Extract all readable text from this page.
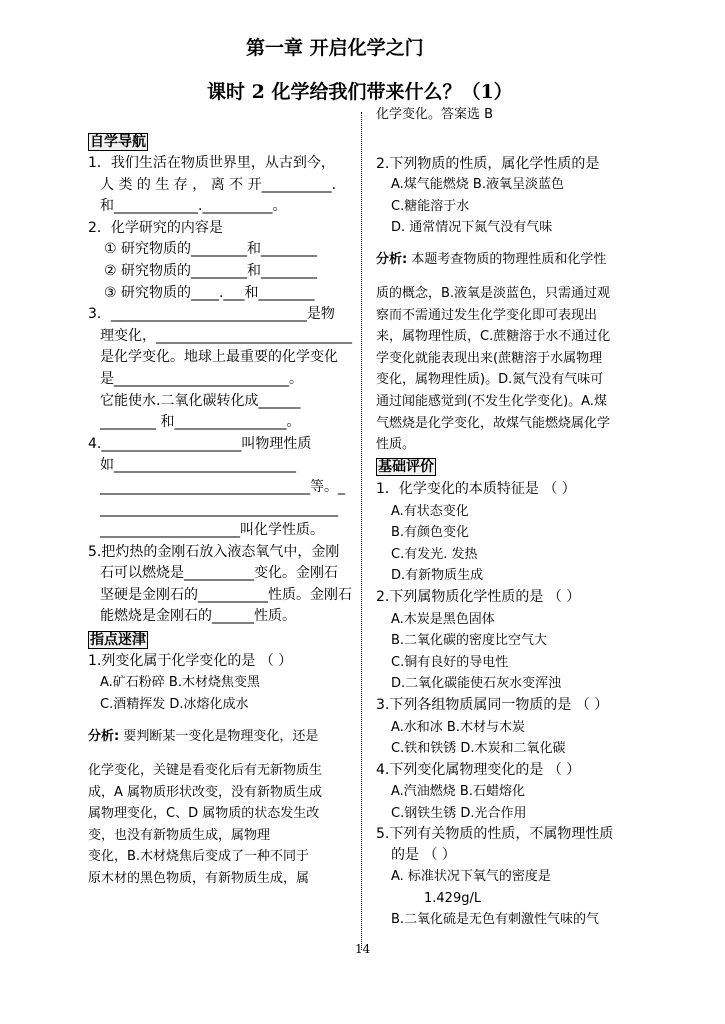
第一章 开启化学之门
课时 2 化学给我们带来什么？（1）
自学导航
1．我们生活在物质世界里，从古到今，
人 类 的 生 存 ， 离 不 开__________.
和____________.__________。
2．化学研究的内容是
① 研究物质的________和________
② 研究物质的________和________
③ 研究物质的____.___和________
3．____________________________是物
理变化，____________________________
是化学变化。地球上最重要的化学变化
是_________________________。
它能使水.二氧化碳转化成______
________ 和________________。
4.____________________叫物理性质
如__________________________
______________________________等。_
__________________________________
____________________叫化学性质。
5.把灼热的金刚石放入液态氧气中，金刚
石可以燃烧是__________变化。金刚石
坚硬是金刚石的__________性质。金刚石
能燃烧是金刚石的______性质。
指点迷津
1.列变化属于化学变化的是 （ ）
A.矿石粉碎 B.木材烧焦变黑
C.酒精挥发 D.冰熔化成水
分析: 要判断某一变化是物理变化，还是
化学变化，关键是看变化后有无新物质生
成，A 属物质形状改变，没有新物质生成
属物理变化，C、D 属物质的状态发生改
变，也没有新物质生成，属物理
变化，B.木材烧焦后变成了一种不同于
原木材的黑色物质，有新物质生成，属
化学变化。答案选 B
2.下列物质的性质，属化学性质的是
A.煤气能燃烧 B.液氧呈淡蓝色
C.糖能溶于水
D. 通常情况下氮气没有气味
分析: 本题考查物质的物理性质和化学性
质的概念，B.液氧是淡蓝色，只需通过观
察而不需通过发生化学变化即可表现出
来，属物理性质，C.蔗糖溶于水不通过化
学变化就能表现出来(蔗糖溶于水属物理
变化，属物理性质)。D.氮气没有气味可
通过闻能感觉到(不发生化学变化)。A.煤
气燃烧是化学变化，故煤气能燃烧属化学
性质。
基础评价
1．化学变化的本质特征是 （ ）
A.有状态变化
B.有颜色变化
C.有发光. 发热
D.有新物质生成
2.下列属物质化学性质的是 （ ）
A.木炭是黑色固体
B.二氧化碳的密度比空气大
C.铜有良好的导电性
D.二氧化碳能使石灰水变浑浊
3.下列各组物质属同一物质的是 （ ）
A.水和冰 B.木材与木炭
C.铁和铁锈 D.木炭和二氧化碳
4.下列变化属物理变化的是 （ ）
A.汽油燃烧 B.石蜡熔化
C.钢铁生锈 D.光合作用
5.下列有关物质的性质，不属物理性质
的是 （ ）
A. 标准状况下氧气的密度是
1.429g/L
B.二氧化硫是无色有刺激性气味的气
14
